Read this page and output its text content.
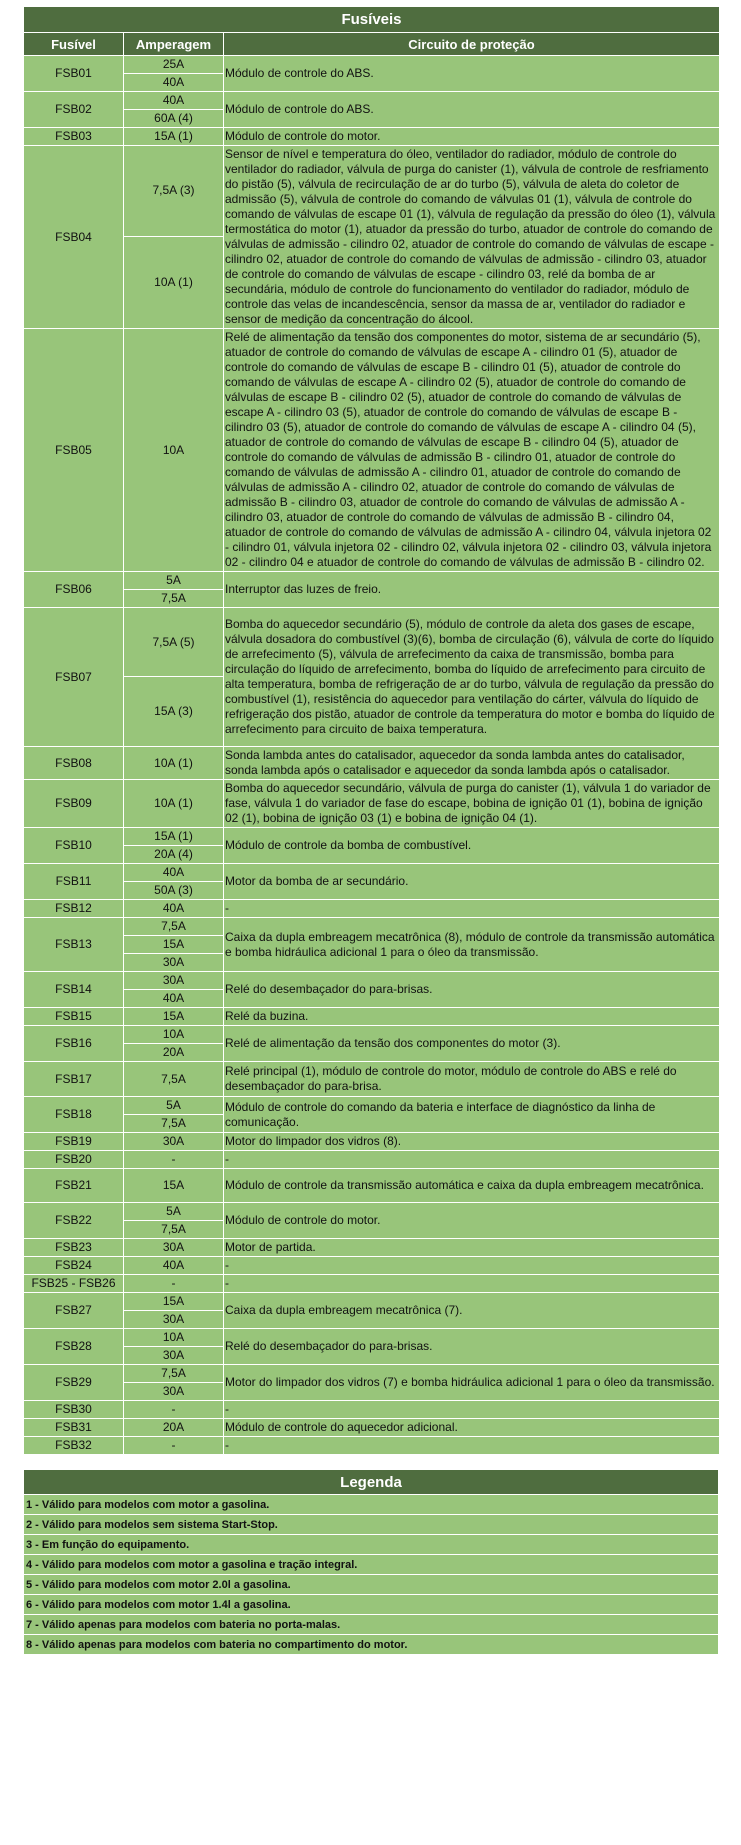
Fusíveis		
Fusível	Amperagem	Circuito de proteção
FSB01	25A	Módulo de controle do ABS.
	40A	
FSB02	40A	Módulo de controle do ABS.
	60A (4)	
FSB03	15A (1)	Módulo de controle do motor.
FSB04	7,5A (3)	Sensor de nível e temperatura do óleo, ventilador do radiador, módulo de controle do ventilador do radiador, válvula de purga do canister (1), válvula de controle de resfriamento do pistão (5), válvula de recirculação de ar do turbo (5), válvula de aleta do coletor de admissão (5), válvula de controle do comando de válvulas 01 (1), válvula de controle do comando de válvulas de escape 01 (1), válvula de regulação da pressão do óleo (1), válvula termostática do motor (1), atuador da pressão do turbo, atuador de controle do comando de válvulas de admissão - cilindro 02, atuador de controle do comando de válvulas de escape - cilindro 02, atuador de controle do comando de válvulas de admissão - cilindro 03, atuador de controle do comando de válvulas de escape - cilindro 03, relé da bomba de ar secundária, módulo de controle do funcionamento do ventilador do radiador, módulo de controle das velas de incandescência, sensor da massa de ar, ventilador do radiador e sensor de medição da concentração do álcool.
	10A (1)	
FSB05	10A	Relé de alimentação da tensão dos componentes do motor, sistema de ar secundário (5), atuador de controle do comando de válvulas de escape A - cilindro 01 (5), atuador de controle do comando de válvulas de escape B - cilindro 01 (5), atuador de controle do comando de válvulas de escape A - cilindro 02 (5), atuador de controle do comando de válvulas de escape B - cilindro 02 (5), atuador de controle do comando de válvulas de escape A - cilindro 03 (5), atuador de controle do comando de válvulas de escape B - cilindro 03 (5), atuador de controle do comando de válvulas de escape A - cilindro 04 (5), atuador de controle do comando de válvulas de escape B - cilindro 04 (5), atuador de controle do comando de válvulas de admissão B - cilindro 01, atuador de controle do comando de válvulas de admissão A - cilindro 01, atuador de controle do comando de válvulas de admissão A - cilindro 02, atuador de controle do comando de válvulas de admissão B - cilindro 03, atuador de controle do comando de válvulas de admissão A - cilindro 03, atuador de controle do comando de válvulas de admissão B - cilindro 04, atuador de controle do comando de válvulas de admissão A - cilindro 04, válvula injetora 02 - cilindro 01, válvula injetora 02 - cilindro 02, válvula injetora 02 - cilindro 03, válvula injetora 02 - cilindro 04 e atuador de controle do comando de válvulas de admissão B - cilindro 02.
FSB06	5A	Interruptor das luzes de freio.
	7,5A	
FSB07	7,5A (5)	Bomba do aquecedor secundário (5), módulo de controle da aleta dos gases de escape, válvula dosadora do combustível (3)(6), bomba de circulação (6), válvula de corte do líquido de arrefecimento (5), válvula de arrefecimento da caixa de transmissão, bomba para circulação do líquido de arrefecimento, bomba do líquido de arrefecimento para circuito de alta temperatura, bomba de refrigeração de ar do turbo, válvula de regulação da pressão do combustível (1), resistência do aquecedor para ventilação do cárter, válvula do líquido de refrigeração dos pistão, atuador de controle da temperatura do motor e bomba do líquido de arrefecimento para circuito de baixa temperatura.
	15A (3)	
FSB08	10A (1)	Sonda lambda antes do catalisador, aquecedor da sonda lambda antes do catalisador, sonda lambda após o catalisador e aquecedor da sonda lambda após o catalisador.
FSB09	10A (1)	Bomba do aquecedor secundário, válvula de purga do canister (1), válvula 1 do variador de fase, válvula 1 do variador de fase do escape, bobina de ignição 01 (1), bobina de ignição 02 (1), bobina de ignição 03 (1) e bobina de ignição 04 (1).
FSB10	15A (1)	Módulo de controle da bomba de combustível.
	20A (4)	
FSB11	40A	Motor da bomba de ar secundário.
	50A (3)	
FSB12	40A	-
FSB13	7,5A	Caixa da dupla embreagem mecatrônica (8), módulo de controle da transmissão automática e bomba hidráulica adicional 1 para o óleo da transmissão.
	15A	
	30A	
FSB14	30A	Relé do desembaçador do para-brisas.
	40A	
FSB15	15A	Relé da buzina.
FSB16	10A	Relé de alimentação da tensão dos componentes do motor (3).
	20A	
FSB17	7,5A	Relé principal (1), módulo de controle do motor, módulo de controle do ABS e relé do desembaçador do para-brisa.
FSB18	5A	Módulo de controle do comando da bateria e interface de diagnóstico da linha de comunicação.
	7,5A	
FSB19	30A	Motor do limpador dos vidros (8).
FSB20	-	-
FSB21	15A	Módulo de controle da transmissão automática e caixa da dupla embreagem mecatrônica.
FSB22	5A	Módulo de controle do motor.
	7,5A	
FSB23	30A	Motor de partida.
FSB24	40A	-
FSB25 - FSB26	-	-
FSB27	15A	Caixa da dupla embreagem mecatrônica (7).
	30A	
FSB28	10A	Relé do desembaçador do para-brisas.
	30A	
FSB29	7,5A	Motor do limpador dos vidros (7) e bomba hidráulica adicional 1 para o óleo da transmissão.
	30A	
FSB30	-	-
FSB31	20A	Módulo de controle do aquecedor adicional.
FSB32	-	-
Legenda
1 - Válido para modelos com motor a gasolina.
2 - Válido para modelos sem sistema Start-Stop.
3 - Em função do equipamento.
4 - Válido para modelos com motor a gasolina e tração integral.
5 - Válido para modelos com motor 2.0l a gasolina.
6 - Válido para modelos com motor 1.4l a gasolina.
7 - Válido apenas para modelos com bateria no porta-malas.
8 - Válido apenas para modelos com bateria no compartimento do motor.
